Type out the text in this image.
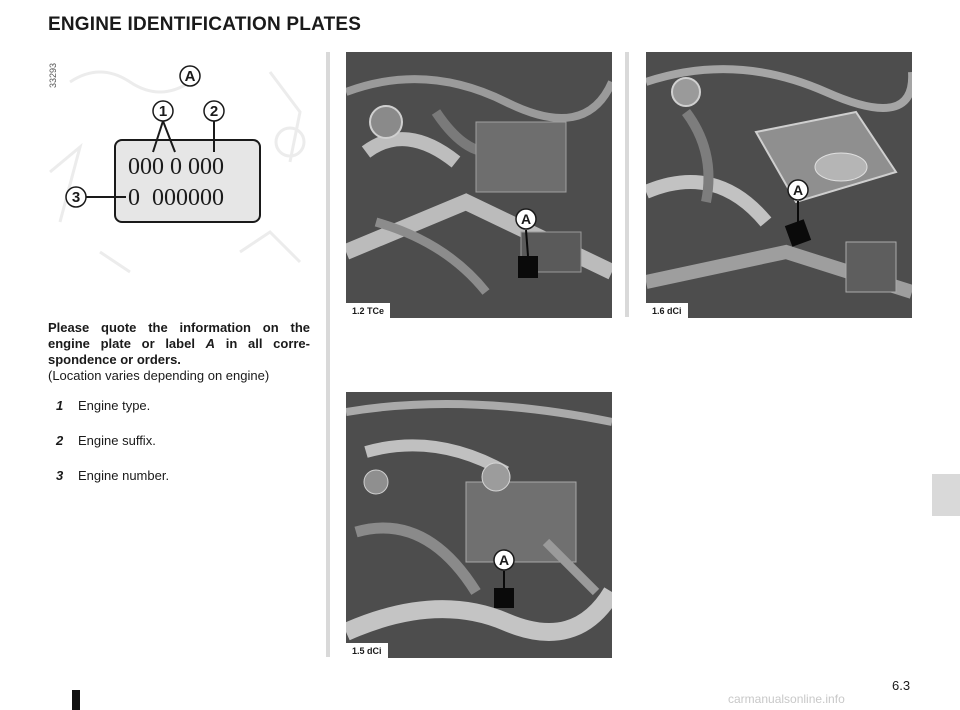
ENGINE IDENTIFICATION PLATES
33293	A
1	2
3
000 0 000
0  000000
Please quote the information on the engine plate or label A in all corre-spondence or orders.
(Location varies depending on engine)
1 Engine type.
2 Engine suffix.
3 Engine number.
A
1.2 TCe
A
1.6 dCi
A
1.5 dCi
6.3
carmanualsonline.info
